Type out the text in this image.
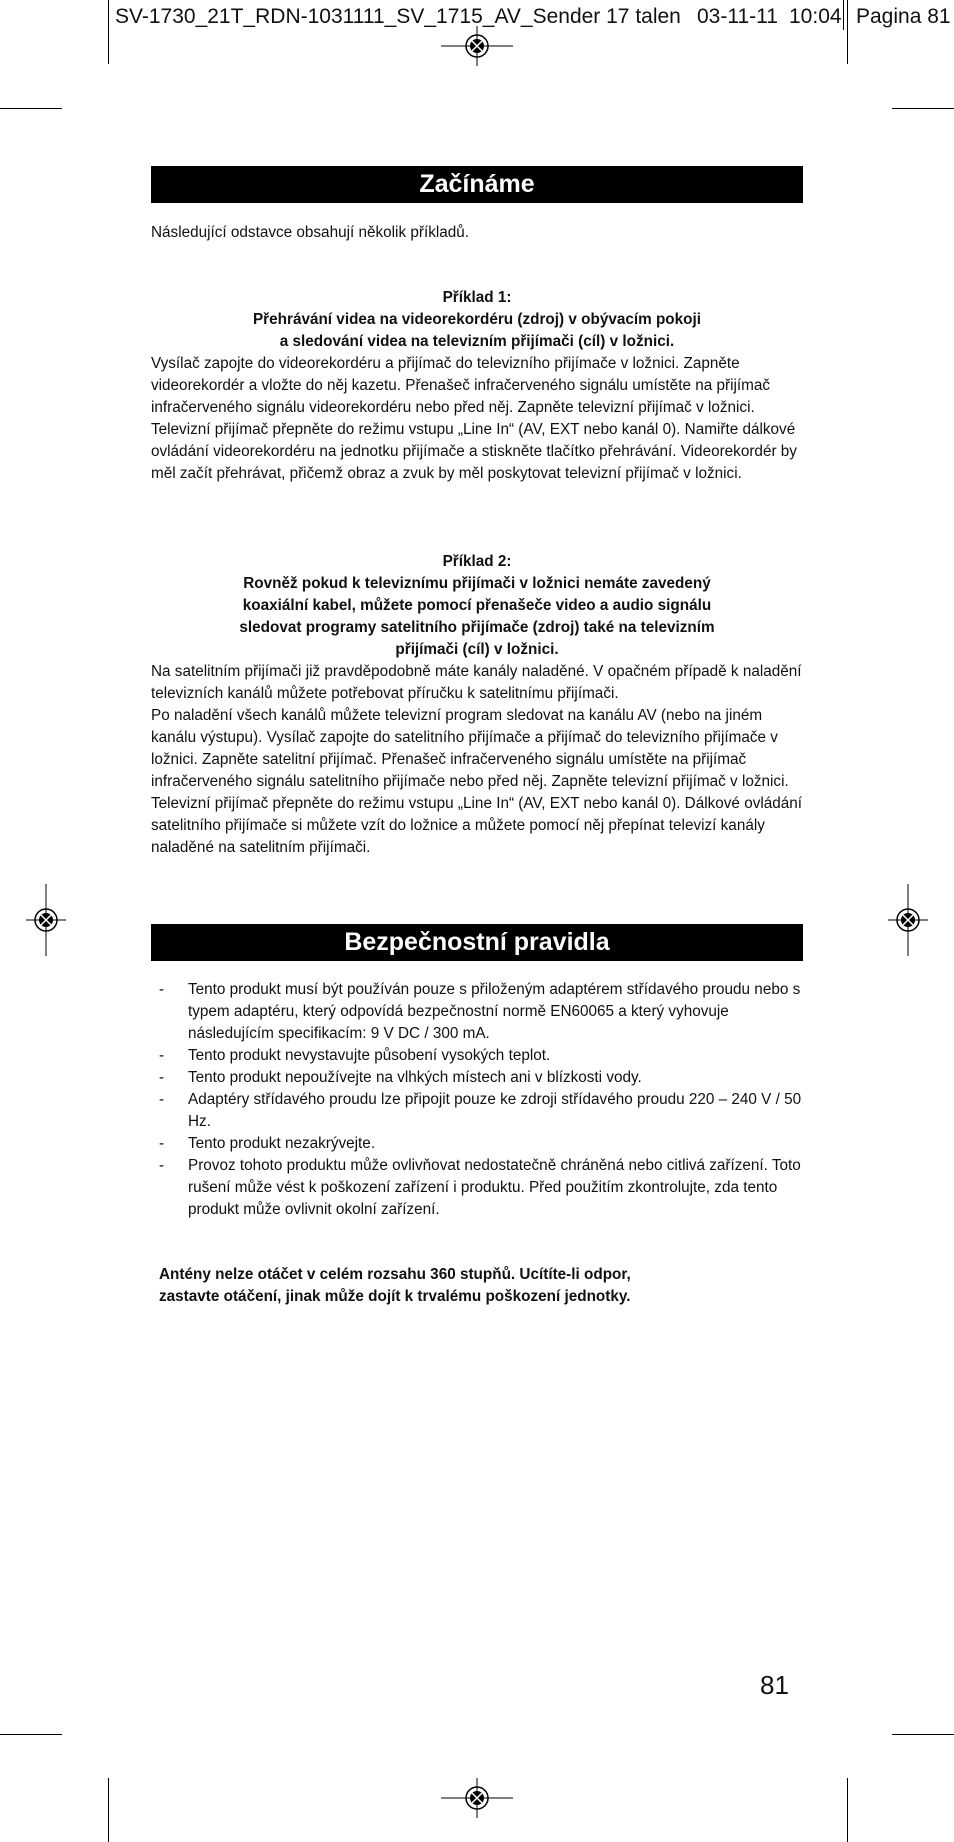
SV-1730_21T_RDN-1031111_SV_1715_AV_Sender 17 talen 03-11-11 10:04 Pagina 81
Začínáme

Následující odstavce obsahují několik příkladů.

Příklad 1:

Přehrávání videa na videorekordéru (zdroj) v obývacím pokoji

a sledování videa na televizním přijímači (cíl) v ložnici.

Vysílač zapojte do videorekordéru a přijímač do televizního přijímače v ložnici. Zapněte videorekordér a vložte do něj kazetu. Přenašeč infračerveného signálu umístěte na přijímač infračerveného signálu videorekordéru nebo před něj. Zapněte televizní přijímač v ložnici.

Televizní přijímač přepněte do režimu vstupu „Line In“ (AV, EXT nebo kanál 0). Namiřte dálkové ovládání videorekordéru na jednotku přijímače a stiskněte tlačítko přehrávání. Videorekordér by měl začít přehrávat, přičemž obraz a zvuk by měl poskytovat televizní přijímač v ložnici.

Příklad 2:

Rovněž pokud k televiznímu přijímači v ložnici nemáte zavedený

koaxiální kabel, můžete pomocí přenašeče video a audio signálu

sledovat programy satelitního přijímače (zdroj) také na televizním

přijímači (cíl) v ložnici.

Na satelitním přijímači již pravděpodobně máte kanály naladěné. V opačném případě k naladění televizních kanálů můžete potřebovat příručku k satelitnímu přijímači.

Po naladění všech kanálů můžete televizní program sledovat na kanálu AV (nebo na jiném kanálu výstupu). Vysílač zapojte do satelitního přijímače a přijímač do televizního přijímače v ložnici. Zapněte satelitní přijímač. Přenašeč infračerveného signálu umístěte na přijímač infračerveného signálu satelitního přijímače nebo před něj. Zapněte televizní přijímač v ložnici.

Televizní přijímač přepněte do režimu vstupu „Line In“ (AV, EXT nebo kanál 0). Dálkové ovládání satelitního přijímače si můžete vzít do ložnice a můžete pomocí něj přepínat televizí kanály naladěné na satelitním přijímači.

Bezpečnostní pravidla
- Tento produkt musí být používán pouze s přiloženým adaptérem střídavého proudu nebo s typem adaptéru, který odpovídá bezpečnostní normě EN60065 a který vyhovuje následujícím specifikacím: 9 V DC / 300 mA.
- Tento produkt nevystavujte působení vysokých teplot.
- Tento produkt nepoužívejte na vlhkých místech ani v blízkosti vody.
- Adaptéry střídavého proudu lze připojit pouze ke zdroji střídavého proudu 220 – 240 V / 50 Hz.
- Tento produkt nezakrývejte.
- Provoz tohoto produktu může ovlivňovat nedostatečně chráněná nebo citlivá zařízení. Toto rušení může vést k poškození zařízení i produktu. Před použitím zkontrolujte, zda tento produkt může ovlivnit okolní zařízení.

Antény nelze otáčet v celém rozsahu 360 stupňů. Ucítíte-li odpor,

zastavte otáčení, jinak může dojít k trvalému poškození jednotky.

81
